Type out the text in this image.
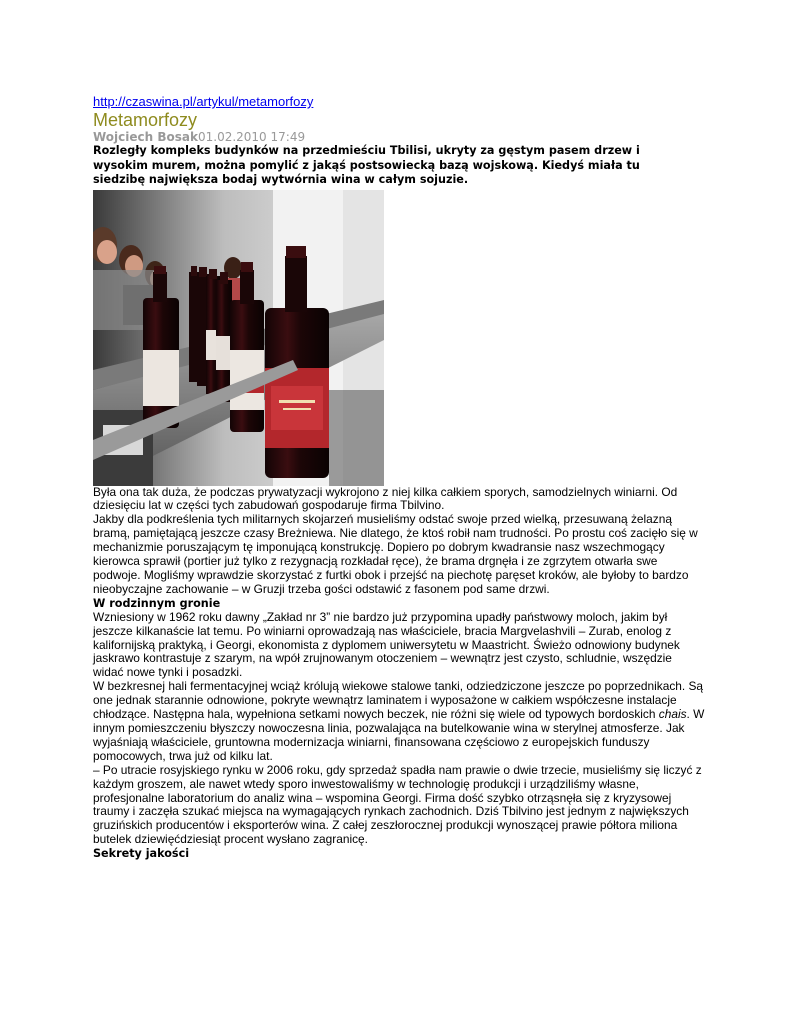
http://czaswina.pl/artykul/metamorfozy
Metamorfozy
Wojciech Bosak01.02.2010 17:49

Rozległy kompleks budynków na przedmieściu Tbilisi, ukryty za gęstym pasem drzew i wysokim murem, można pomylić z jakąś postsowiecką bazą wojskową. Kiedyś miała tu siedzibę największa bodaj wytwórnia wina w całym sojuzie.

Była ona tak duża, że podczas prywatyzacji wykrojono z niej kilka całkiem sporych, samodzielnych winiarni. Od dziesięciu lat w części tych zabudowań gospodaruje firma Tbilvino.

Jakby dla podkreślenia tych militarnych skojarzeń musieliśmy odstać swoje przed wielką, przesuwaną żelazną bramą, pamiętającą jeszcze czasy Breżniewa. Nie dlatego, że ktoś robił nam trudności. Po prostu coś zacięło się w mechanizmie poruszającym tę imponującą konstrukcję. Dopiero po dobrym kwadransie nasz wszechmogący kierowca sprawił (portier już tylko z rezygnacją rozkładał ręce), że brama drgnęła i ze zgrzytem otwarła swe podwoje. Mogliśmy wprawdzie skorzystać z furtki obok i przejść na piechotę paręset kroków, ale byłoby to bardzo nieobyczajne zachowanie – w Gruzji trzeba gości odstawić z fasonem pod same drzwi.

W rodzinnym gronie

Wzniesiony w 1962 roku dawny „Zakład nr 3” nie bardzo już przypomina upadły państwowy moloch, jakim był jeszcze kilkanaście lat temu. Po winiarni oprowadzają nas właściciele, bracia Margvelashvili – Zurab, enolog z kalifornijską praktyką, i Georgi, ekonomista z dyplomem uniwersytetu w Maastricht. Świeżo odnowiony budynek jaskrawo kontrastuje z szarym, na wpół zrujnowanym otoczeniem – wewnątrz jest czysto, schludnie, wszędzie widać nowe tynki i posadzki.

W bezkresnej hali fermentacyjnej wciąż królują wiekowe stalowe tanki, odziedziczone jeszcze po poprzednikach. Są one jednak starannie odnowione, pokryte wewnątrz laminatem i wyposażone w całkiem współczesne instalacje chłodzące. Następna hala, wypełniona setkami nowych beczek, nie różni się wiele od typowych bordoskich chais. W innym pomieszczeniu błyszczy nowoczesna linia, pozwalająca na butelkowanie wina w sterylnej atmosferze. Jak wyjaśniają właściciele, gruntowna modernizacja winiarni, finansowana częściowo z europejskich funduszy pomocowych, trwa już od kilku lat.

– Po utracie rosyjskiego rynku w 2006 roku, gdy sprzedaż spadła nam prawie o dwie trzecie, musieliśmy się liczyć z każdym groszem, ale nawet wtedy sporo inwestowaliśmy w technologię produkcji i urządziliśmy własne, profesjonalne laboratorium do analiz wina – wspomina Georgi. Firma dość szybko otrząsnęła się z kryzysowej traumy i zaczęła szukać miejsca na wymagających rynkach zachodnich. Dziś Tbilvino jest jednym z największych gruzińskich producentów i eksporterów wina. Z całej zeszłorocznej produkcji wynoszącej prawie półtora miliona butelek dziewięćdziesiąt procent wysłano zagranicę.

Sekrety jakości
